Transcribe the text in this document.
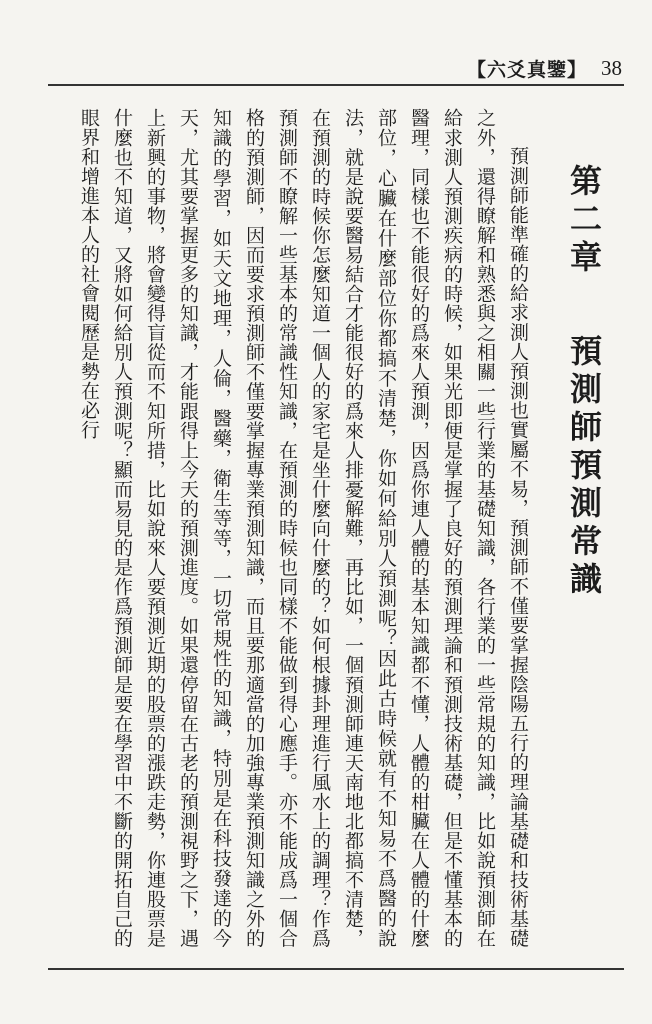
【六爻真鑒】 38
第二章預測師預測常識

預測師能準確的給求測人預測也實屬不易，預測師不僅要掌握陰陽五行的理論基礎和技術基礎之外，還得瞭解和熟悉與之相關一些行業的基礎知識，各行業的一些常規的知識，比如說預測師在給求測人預測疾病的時候，如果光即便是掌握了良好的預測理論和預測技術基礎，但是不懂基本的醫理，同樣也不能很好的爲來人預測，因爲你連人體的基本知識都不懂，人體的柑臟在人體的什麼部位，心臟在什麼部位你都搞不清楚，你如何給別人預測呢？因此古時候就有不知易不爲醫的說法，就是說要醫易結合才能很好的爲來人排憂解難，再比如，一個預測師連天南地北都搞不清楚，在預測的時候你怎麼知道一個人的家宅是坐什麼向什麼的？如何根據卦理進行風水上的調理？作爲預測師不瞭解一些基本的常識性知識，在預測的時候也同樣不能做到得心應手。亦不能成爲一個合格的預測師，因而要求預測師不僅要掌握專業預測知識，而且要那適當的加強專業預測知識之外的知識的學習，如天文地理，人倫，醫藥，衛生等等，一切常規性的知識，特別是在科技發達的今天，尤其要掌握更多的知識，才能跟得上今天的預測進度。如果還停留在古老的預測視野之下，遇上新興的事物，將會變得盲從而不知所措，比如說來人要預測近期的股票的漲跌走勢，你連股票是什麼也不知道，又將如何給別人預測呢？顯而易見的是作爲預測師是要在學習中不斷的開拓自己的眼界和增進本人的社會閱歷是勢在必行
